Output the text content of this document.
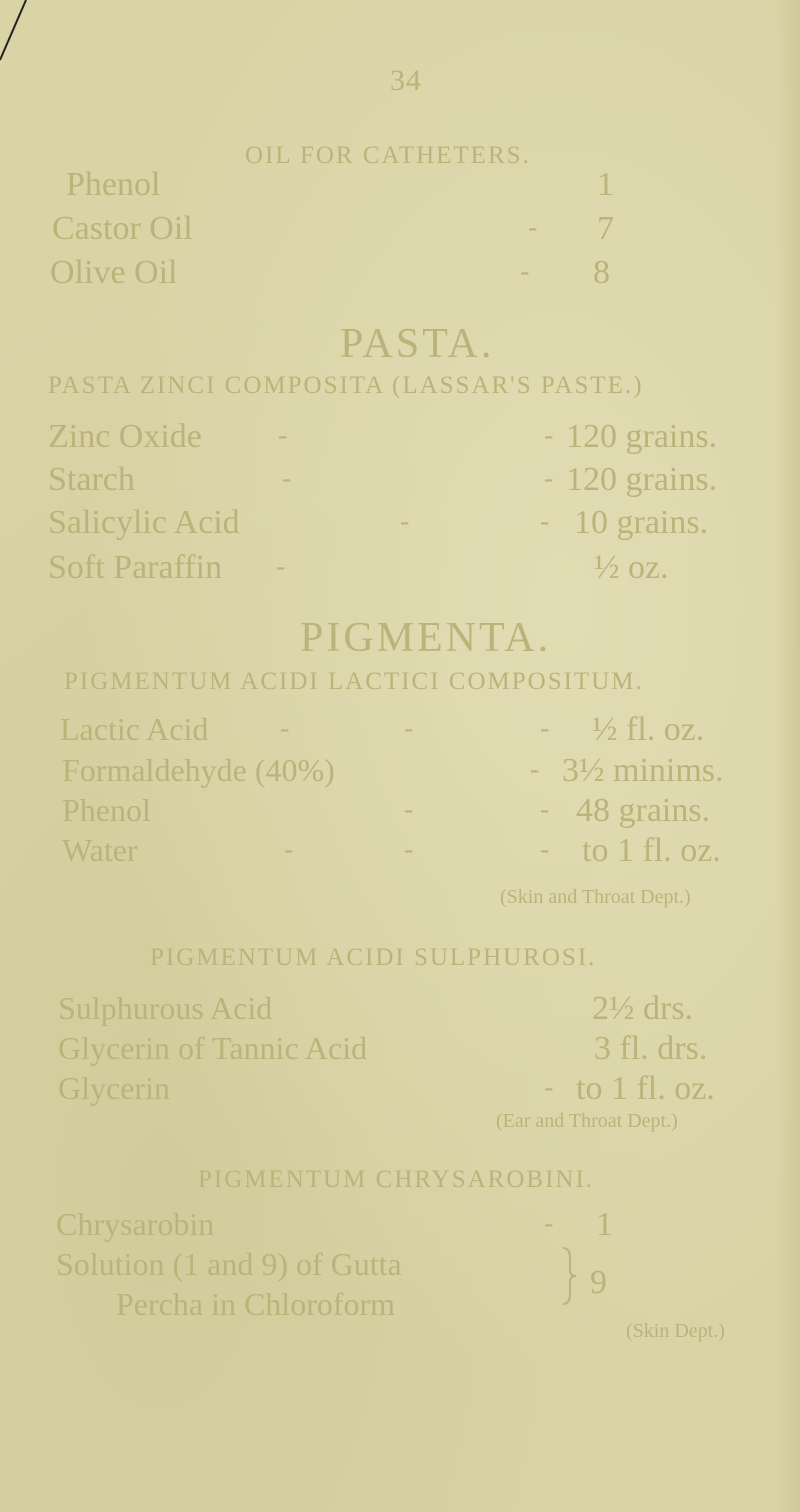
34
OIL FOR CATHETERS.
Phenol	1
Castor Oil	- 7
Olive Oil	- 8
PASTA.
PASTA ZINCI COMPOSITA (LASSAR'S PASTE.)
Zinc Oxide	-	- 120 grains.
Starch	-	- 120 grains.
Salicylic Acid	-	- 10 grains.
Soft Paraffin -	½ oz.
PIGMENTA.
PIGMENTUM ACIDI LACTICI COMPOSITUM.
Lactic Acid	-	-	- ½ fl. oz.
Formaldehyde (40%)	- 3½ minims.
Phenol	-	- 48 grains.
Water	-	-	- to 1 fl. oz.
(Skin and Throat Dept.)
PIGMENTUM ACIDI SULPHUROSI.
Sulphurous Acid	2½ drs.
Glycerin of Tannic Acid	3 fl. drs.
Glycerin	- to 1 fl. oz.
(Ear and Throat Dept.)
PIGMENTUM CHRYSAROBINI.
Chrysarobin	- 1
Solution (1 and 9) of Gutta	9
Percha in Chloroform
(Skin Dept.)
